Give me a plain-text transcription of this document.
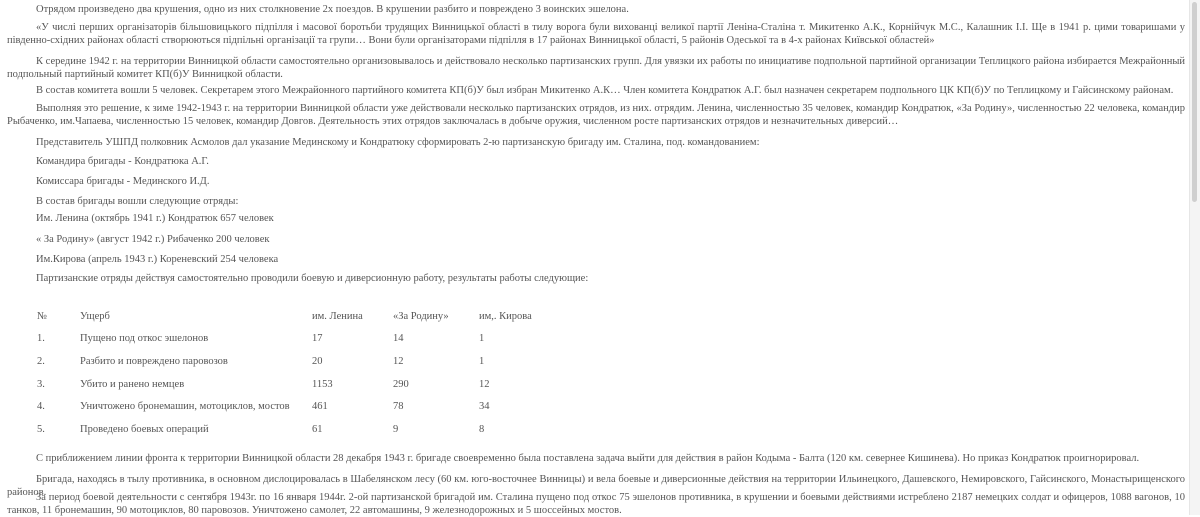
Отрядом произведено два крушения, одно из них столкновение 2х поездов. В крушении разбито и повреждено 3 воинских эшелона.

«У числі перших організаторів більшовицького підпілля і масової боротьби трудящих Винницької області в тилу ворога були вихованці великої партії Леніна-Сталіна т. Микитенко А.К., Корнійчук М.С., Калашник І.І. Ще в 1941 р. цими товаришами у південно-східних районах області створюються підпільні організації та групи… Вони були організаторами підпілля в 17 районах Винницької області, 5 районів Одеської та в 4-х районах Київської областей»

К середине 1942 г. на территории Винницкой области самостоятельно организовывалось и действовало несколько партизанских групп. Для увязки их работы по инициативе подпольной партийной организации Теплицкого района избирается Межрайонный подпольный партийный комитет КП(б)У Винницкой области.

В состав комитета вошли 5 человек. Секретарем этого Межрайонного партийного комитета КП(б)У был избран Микитенко А.К… Член комитета Кондратюк А.Г. был назначен секретарем подпольного ЦК КП(б)У по Теплицкому и Гайсинскому районам.

Выполняя это решение, к зиме 1942-1943 г. на территории Винницкой области уже действовали несколько партизанских отрядов, из них. отрядим. Ленина, численностью 35 человек, командир Кондратюк, «За Родину», численностью 22 человека, командир Рыбаченко, им.Чапаева, численностью 15 человек, командир Довгов. Деятельность этих отрядов заключалась в добыче оружия, численном росте партизанских отрядов и незначительных диверсий…

Представитель УШПД полковник Асмолов дал указание Мединскому и Кондратюку сформировать 2-ю партизанскую бригаду им. Сталина, под. командованием:

Командира бригады - Кондратюка А.Г.

Комиссара бригады - Мединского И.Д.

В состав бригады вошли следующие отряды:

Им. Ленина (октябрь 1941 г.) Кондратюк 657 человек

« За Родину» (август 1942 г.) Рибаченко 200 человек

Им.Кирова (апрель 1943 г.) Кореневский 254 человека

Партизанские отряды действуя самостоятельно проводили боевую и диверсионную работу, результаты работы следующие:

№	Ущерб	им. Ленина	«За Родину»	им,. Кирова
1.	Пущено под откос эшелонов	17	14	1
2.	Разбито и повреждено паровозов	20	12	1
3.	Убито и ранено немцев	1153	290	12
4.	Уничтожено бронемашин, мотоциклов, мостов	461	78	34
5.	Проведено боевых операций	61	9	8

С приближением линии фронта к территории Винницкой области 28 декабря 1943 г. бригаде своевременно была поставлена задача выйти для действия в район Кодыма - Балта (120 км. севернее Кишинева). Но приказ Кондратюк проигнорировал.

Бригада, находясь в тылу противника, в основном дислоцировалась в Шабелянском лесу (60 км. юго-восточнее Винницы) и вела боевые и диверсионные действия на территории Ильинецкого, Дашевского, Немировского, Гайсинского, Монастырищенского районов.

За период боевой деятельности с сентября 1943г. по 16 января 1944г. 2-ой партизанской бригадой им. Сталина пущено под откос 75 эшелонов противника, в крушении и боевыми действиями истреблено 2187 немецких солдат и офицеров, 1088 вагонов, 10 танков, 11 бронемашин, 90 мотоциклов, 80 паровозов. Уничтожено самолет, 22 автомашины, 9 железнодорожных и 5 шоссейных мостов.
